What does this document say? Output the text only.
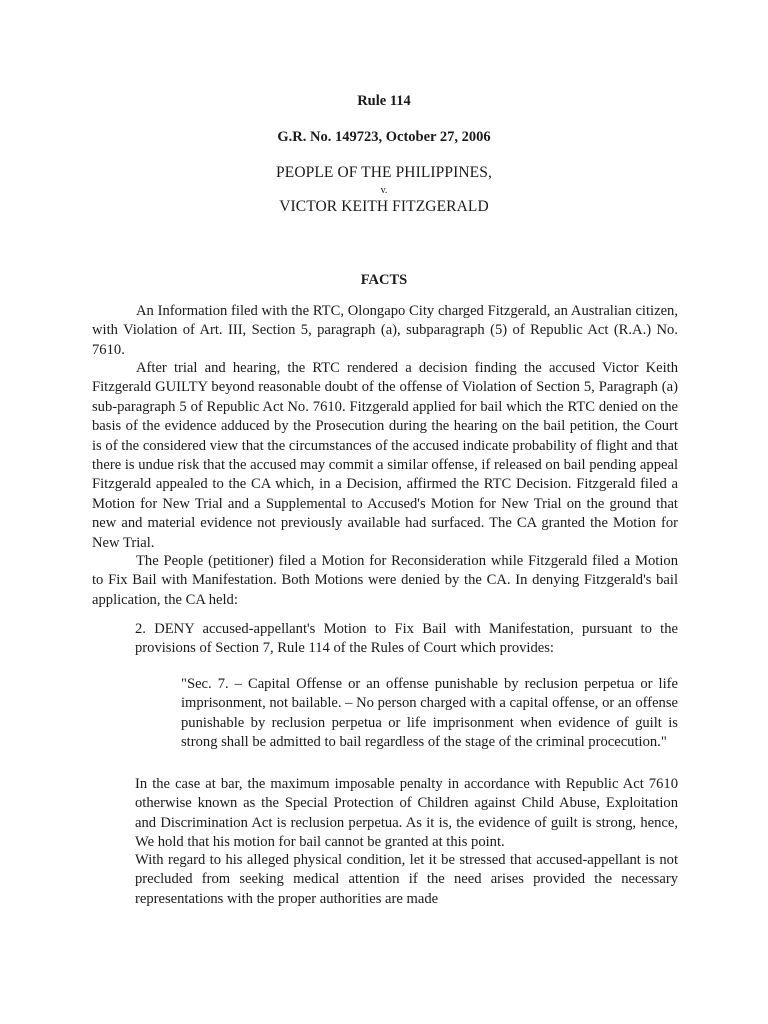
Rule 114
G.R. No. 149723, October 27, 2006
PEOPLE OF THE PHILIPPINES,
v.
VICTOR KEITH FITZGERALD
FACTS

An Information filed with the RTC, Olongapo City charged Fitzgerald, an Australian citizen, with Violation of Art. III, Section 5, paragraph (a), subparagraph (5) of Republic Act (R.A.) No. 7610.

After trial and hearing, the RTC rendered a decision finding the accused Victor Keith Fitzgerald GUILTY beyond reasonable doubt of the offense of Violation of Section 5, Paragraph (a) sub-paragraph 5 of Republic Act No. 7610. Fitzgerald applied for bail which the RTC denied on the basis of the evidence adduced by the Prosecution during the hearing on the bail petition, the Court is of the considered view that the circumstances of the accused indicate probability of flight and that there is undue risk that the accused may commit a similar offense, if released on bail pending appeal Fitzgerald appealed to the CA which, in a Decision, affirmed the RTC Decision. Fitzgerald filed a Motion for New Trial and a Supplemental to Accused's Motion for New Trial on the ground that new and material evidence not previously available had surfaced. The CA granted the Motion for New Trial.

The People (petitioner) filed a Motion for Reconsideration while Fitzgerald filed a Motion to Fix Bail with Manifestation. Both Motions were denied by the CA. In denying Fitzgerald's bail application, the CA held:

2. DENY accused-appellant's Motion to Fix Bail with Manifestation, pursuant to the provisions of Section 7, Rule 114 of the Rules of Court which provides:

"Sec. 7. – Capital Offense or an offense punishable by reclusion perpetua or life imprisonment, not bailable. – No person charged with a capital offense, or an offense punishable by reclusion perpetua or life imprisonment when evidence of guilt is strong shall be admitted to bail regardless of the stage of the criminal procecution."

In the case at bar, the maximum imposable penalty in accordance with Republic Act 7610 otherwise known as the Special Protection of Children against Child Abuse, Exploitation and Discrimination Act is reclusion perpetua. As it is, the evidence of guilt is strong, hence, We hold that his motion for bail cannot be granted at this point.

With regard to his alleged physical condition, let it be stressed that accused-appellant is not precluded from seeking medical attention if the need arises provided the necessary representations with the proper authorities are made
